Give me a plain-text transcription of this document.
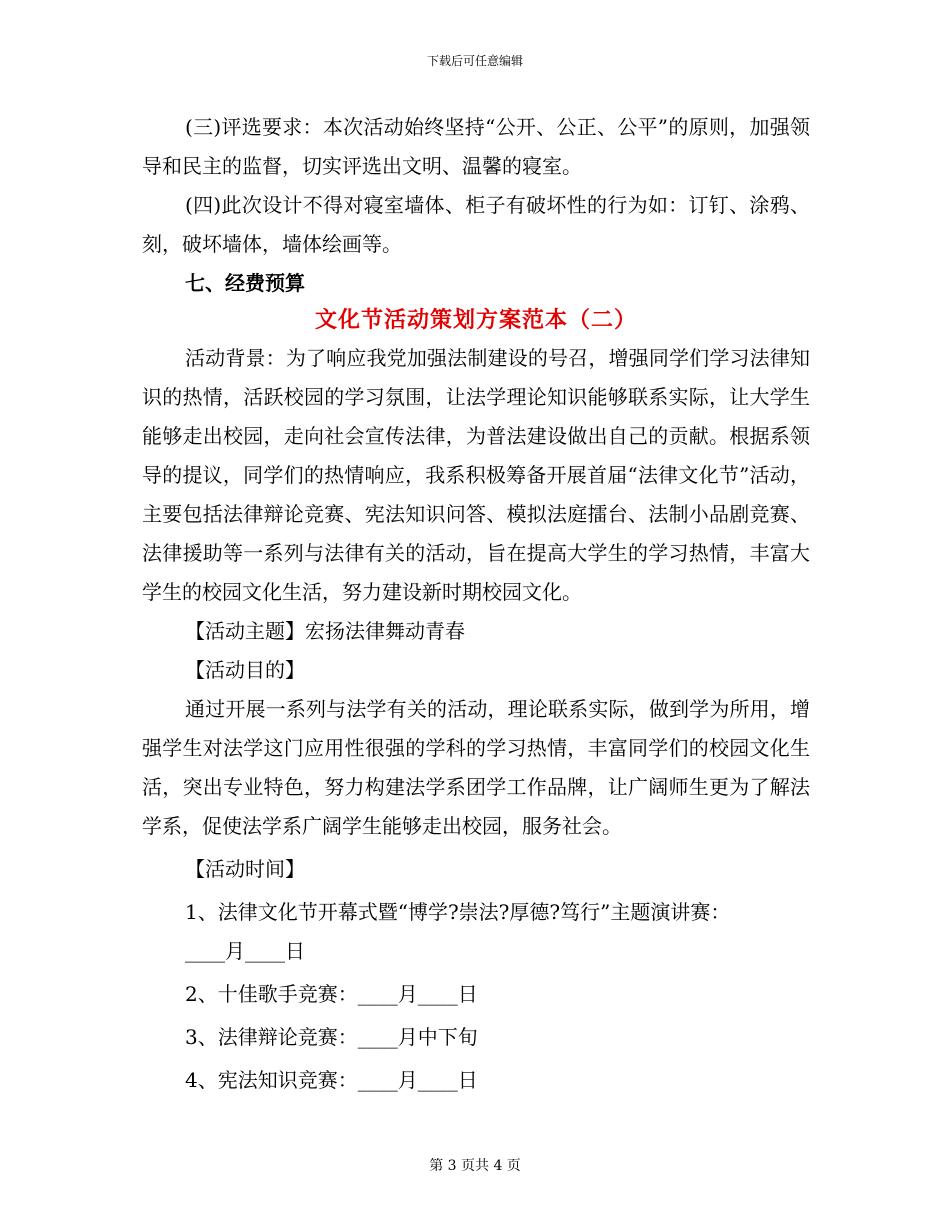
下载后可任意编辑

(三)评选要求：本次活动始终坚持“公开、公正、公平”的原则，加强领导和民主的监督，切实评选出文明、温馨的寝室。

(四)此次设计不得对寝室墙体、柜子有破坏性的行为如：订钉、涂鸦、刻，破坏墙体，墙体绘画等。

七、经费预算
文化节活动策划方案范本（二）

活动背景：为了响应我党加强法制建设的号召，增强同学们学习法律知识的热情，活跃校园的学习氛围，让法学理论知识能够联系实际，让大学生能够走出校园，走向社会宣传法律，为普法建设做出自己的贡献。根据系领导的提议，同学们的热情响应，我系积极筹备开展首届“法律文化节”活动，主要包括法律辩论竞赛、宪法知识问答、模拟法庭擂台、法制小品剧竞赛、法律援助等一系列与法律有关的活动，旨在提高大学生的学习热情，丰富大学生的校园文化生活，努力建设新时期校园文化。

【活动主题】宏扬法律舞动青春
【活动目的】

通过开展一系列与法学有关的活动，理论联系实际，做到学为所用，增强学生对法学这门应用性很强的学科的学习热情，丰富同学们的校园文化生活，突出专业特色，努力构建法学系团学工作品牌，让广阔师生更为了解法学系，促使法学系广阔学生能够走出校园，服务社会。

【活动时间】
1、法律文化节开幕式暨“博学?崇法?厚德?笃行”主题演讲赛：
____月____日
2、十佳歌手竞赛：____月____日
3、法律辩论竞赛：____月中下旬
4、宪法知识竞赛：____月____日
第 3 页共 4 页
